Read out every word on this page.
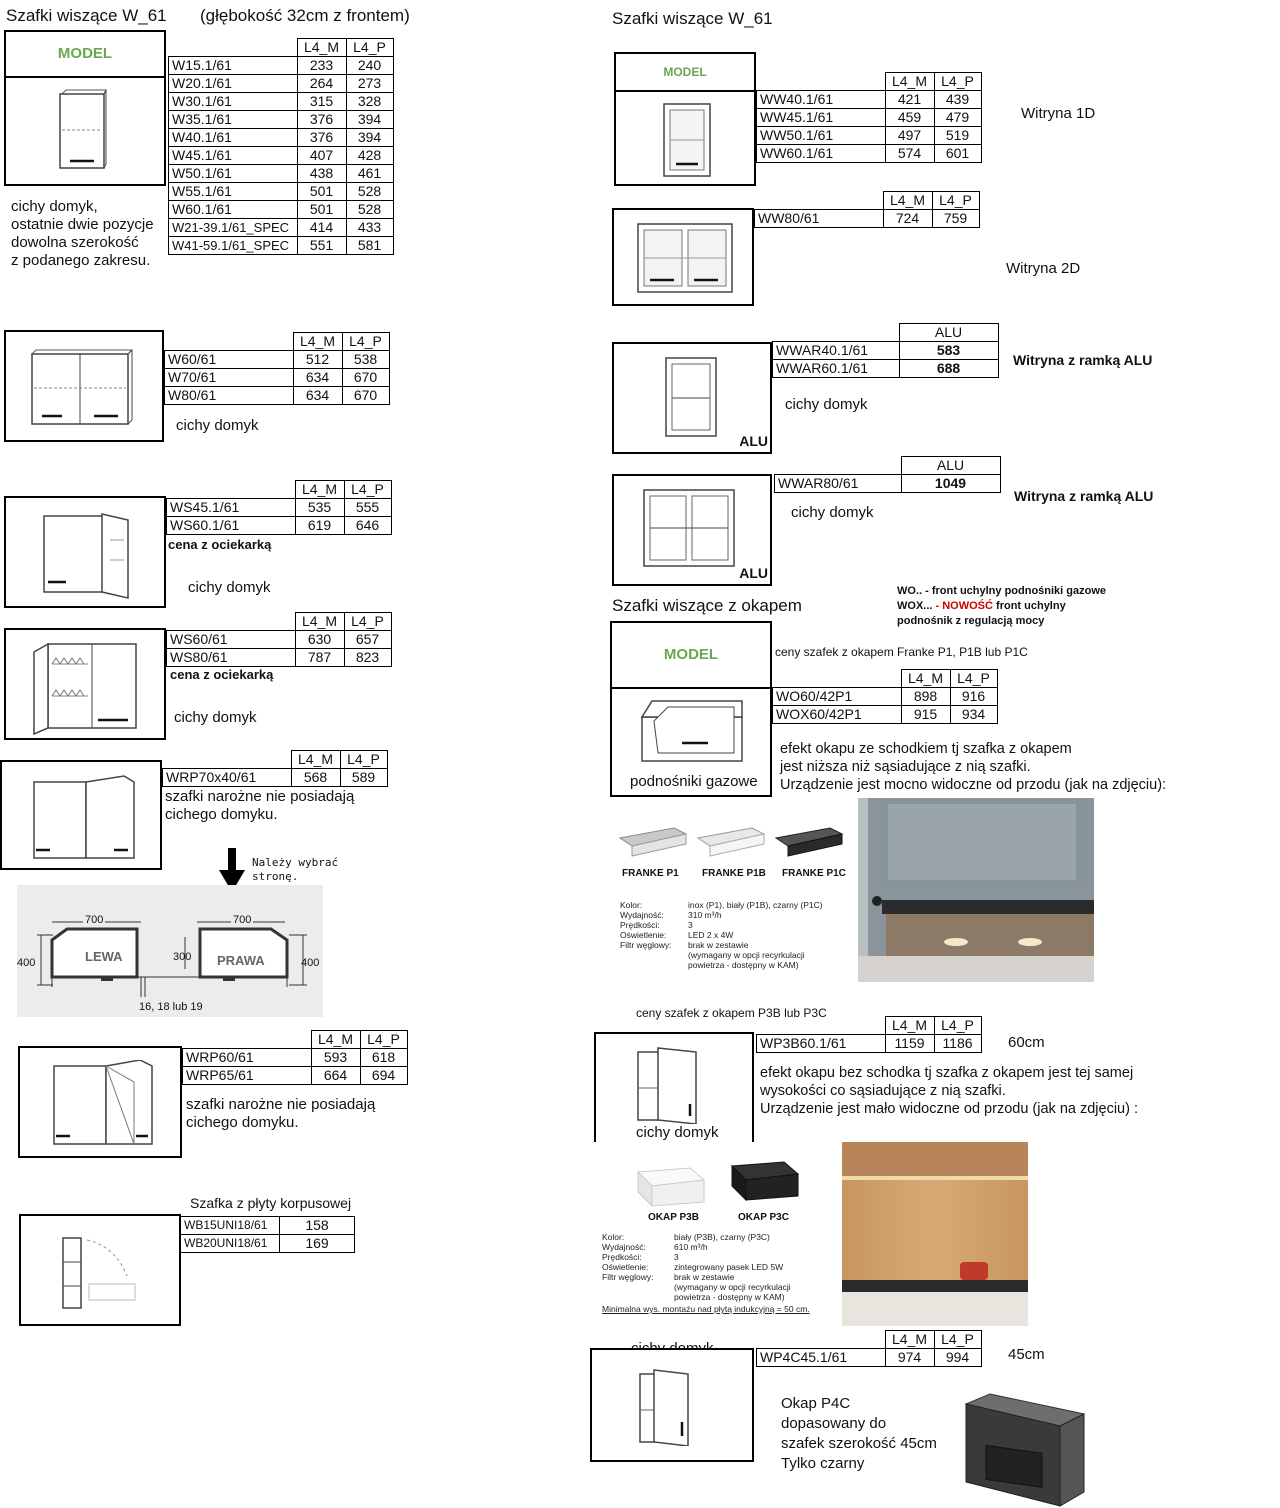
Szafki wiszące W_61 (głębokość 32cm z frontem)
MODEL
		L4_M	L4_P
W15.1/61	233	240
W20.1/61	264	273
W30.1/61	315	328
W35.1/61	376	394
W40.1/61	376	394
W45.1/61	407	428
W50.1/61	438	461
W55.1/61	501	528
W60.1/61	501	528
W21-39.1/61_SPEC	414	433
W41-59.1/61_SPEC	551	581
cichy domyk,
ostatnie dwie pozycje
dowolna szerokość
z podanego zakresu.
	L4_M	L4_P
W60/61	512	538
W70/61	634	670
W80/61	634	670
cichy domyk
	L4_M	L4_P
WS45.1/61	535	555
WS60.1/61	619	646
cena z ociekarką
cichy domyk
	L4_M	L4_P
WS60/61	630	657
WS80/61	787	823
cena z ociekarką
cichy domyk
	L4_M	L4_P
WRP70x40/61	568	589
szafki narożne nie posiadają
cichego domyku.
Należy wybrać
stronę.
700	700
400	400
300
LEWA	PRAWA
16, 18 lub 19
	L4_M	L4_P
WRP60/61	593	618
WRP65/61	664	694
szafki narożne nie posiadają
cichego domyku.
Szafka z płyty korpusowej
WB15UNI18/61	158
WB20UNI18/61	169
Szafki wiszące W_61
MODEL
	L4_M	L4_P
WW40.1/61	421	439
WW45.1/61	459	479
WW50.1/61	497	519
WW60.1/61	574	601
Witryna 1D
	L4_M	L4_P
WW80/61	724	759
Witryna 2D
ALU
	ALU
WWAR40.1/61	583
WWAR60.1/61	688	Witryna z ramką ALU
cichy domyk
ALU
	ALU
WWAR80/61	1049
Witryna z ramką ALU
cichy domyk
Szafki wiszące z okapem
WO.. - front uchylny podnośniki gazowe
WOX... - NOWOŚĆ front uchylny
podnośnik z regulacją mocy
MODEL
podnośniki gazowe
ceny szafek z okapem Franke P1, P1B lub P1C
	L4_M	L4_P
WO60/42P1	898	916
WOX60/42P1	915	934
efekt okapu ze schodkiem tj szafka z okapem
jest niższa niż sąsiadujące z nią szafki.
Urządzenie jest mocno widoczne od przodu (jak na zdjęciu):
FRANKE P1 FRANKE P1B FRANKE P1C
Kolor:
Wydajność:
Prędkości:
Oświetlenie:
Filtr węglowy:
inox (P1), biały (P1B), czarny (P1C)
310 m³/h
3
LED 2 x 4W
brak w zestawie
(wymagany w opcji recyrkulacji
powietrza - dostępny w KAM)
ceny szafek z okapem P3B lub P3C
cichy domyk
	L4_M	L4_P
WP3B60.1/61	1159	1186 60cm
efekt okapu bez schodka tj szafka z okapem jest tej samej
wysokości co sąsiadujące z nią szafki.
Urządzenie jest mało widoczne od przodu (jak na zdjęciu) :
OKAP P3B	OKAP P3C
Kolor:
Wydajność:
Prędkości:
Oświetlenie:
Filtr węglowy:
biały (P3B), czarny (P3C)
610 m³/h
3
zintegrowany pasek LED 5W
brak w zestawie
(wymagany w opcji recyrkulacji
powietrza - dostępny w KAM)
Minimalna wys. montażu nad płytą indukcyjną = 50 cm.
	L4_M	L4_P
WP4C45.1/61	974	994	45cm
Okap P4C
dopasowany do
szafek szerokość 45cm
Tylko czarny
